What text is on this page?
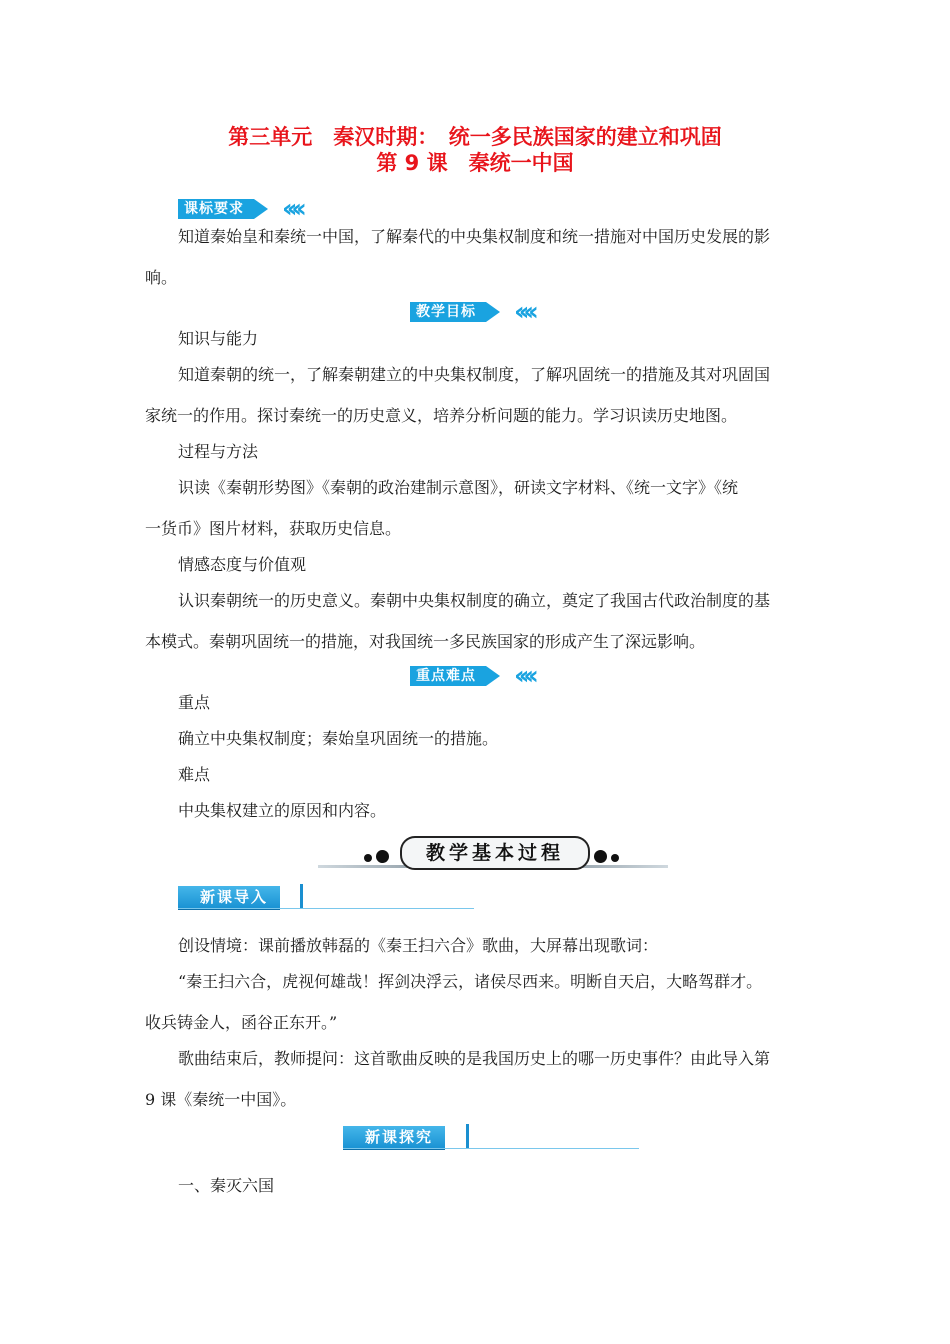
第三单元　秦汉时期：　统一多民族国家的建立和巩固
第 9 课　秦统一中国
课标要求	‹‹‹‹
知道秦始皇和秦统一中国，了解秦代的中央集权制度和统一措施对中国历史发展的影
响。
教学目标	‹‹‹‹
知识与能力
知道秦朝的统一，了解秦朝建立的中央集权制度，了解巩固统一的措施及其对巩固国
家统一的作用。探讨秦统一的历史意义，培养分析问题的能力。学习识读历史地图。
过程与方法
识读《秦朝形势图》《秦朝的政治建制示意图》，研读文字材料、《统一文字》《统
一货币》图片材料，获取历史信息。
情感态度与价值观
认识秦朝统一的历史意义。秦朝中央集权制度的确立，奠定了我国古代政治制度的基
本模式。秦朝巩固统一的措施，对我国统一多民族国家的形成产生了深远影响。
重点难点	‹‹‹‹
重点
确立中央集权制度；秦始皇巩固统一的措施。
难点
中央集权建立的原因和内容。
教学基本过程
新课导入
创设情境：课前播放韩磊的《秦王扫六合》歌曲，大屏幕出现歌词：
“秦王扫六合，虎视何雄哉！挥剑决浮云，诸侯尽西来。明断自天启，大略驾群才。
收兵铸金人，函谷正东开。”
歌曲结束后，教师提问：这首歌曲反映的是我国历史上的哪一历史事件？由此导入第
9 课《秦统一中国》。
新课探究
一、秦灭六国
